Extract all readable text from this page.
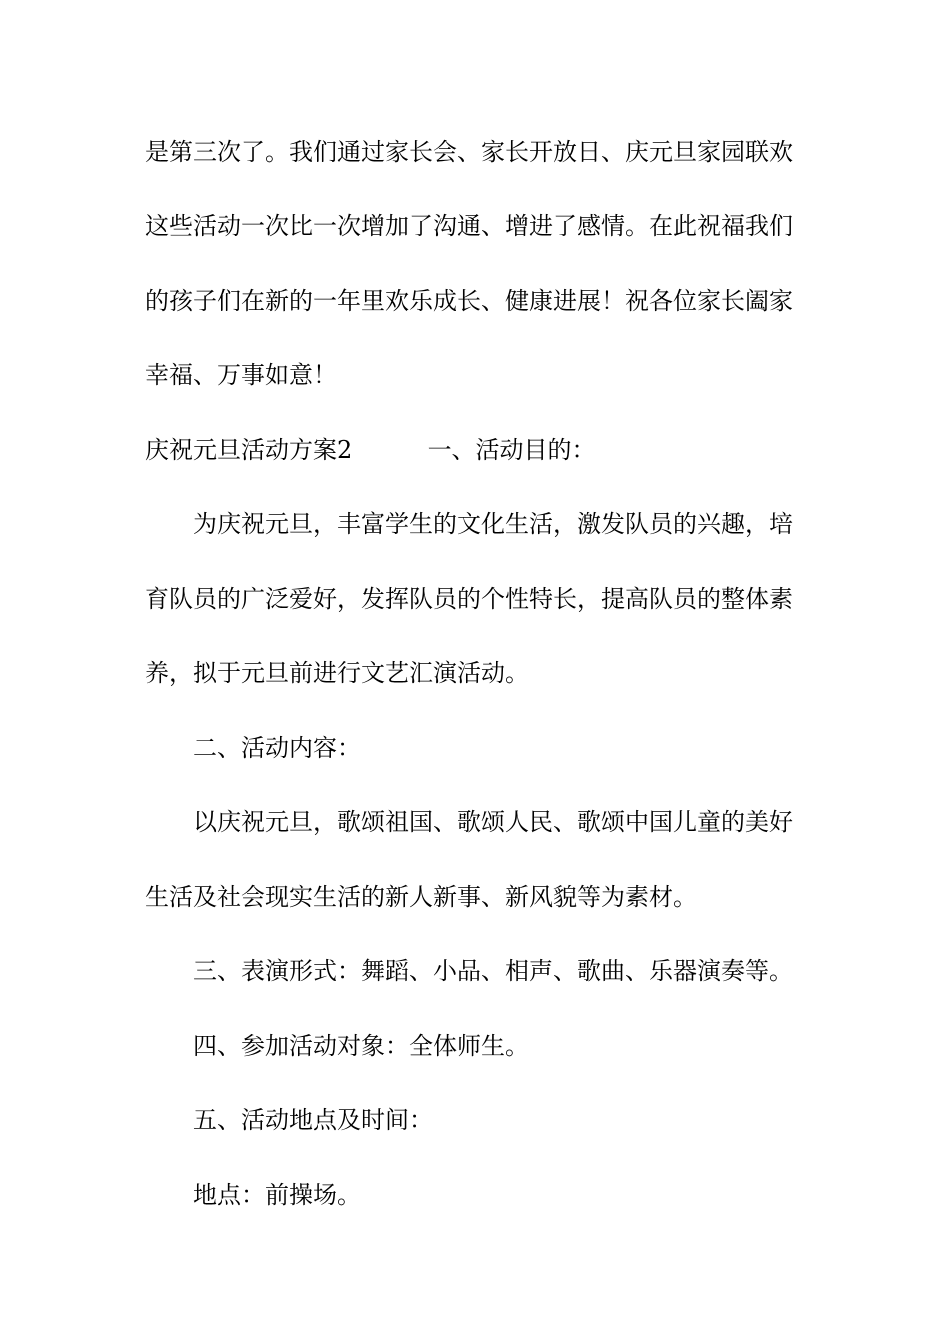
是第三次了。我们通过家长会、家长开放日、庆元旦家园联欢
这些活动一次比一次增加了沟通、增进了感情。在此祝福我们
的孩子们在新的一年里欢乐成长、健康进展！祝各位家长阖家
幸福、万事如意！
庆祝元旦活动方案2	一、活动目的：
为庆祝元旦，丰富学生的文化生活，激发队员的兴趣，培
育队员的广泛爱好，发挥队员的个性特长，提高队员的整体素
养，拟于元旦前进行文艺汇演活动。
二、活动内容：
以庆祝元旦，歌颂祖国、歌颂人民、歌颂中国儿童的美好
生活及社会现实生活的新人新事、新风貌等为素材。
三、表演形式：舞蹈、小品、相声、歌曲、乐器演奏等。
四、参加活动对象：全体师生。
五、活动地点及时间：
地点：前操场。
